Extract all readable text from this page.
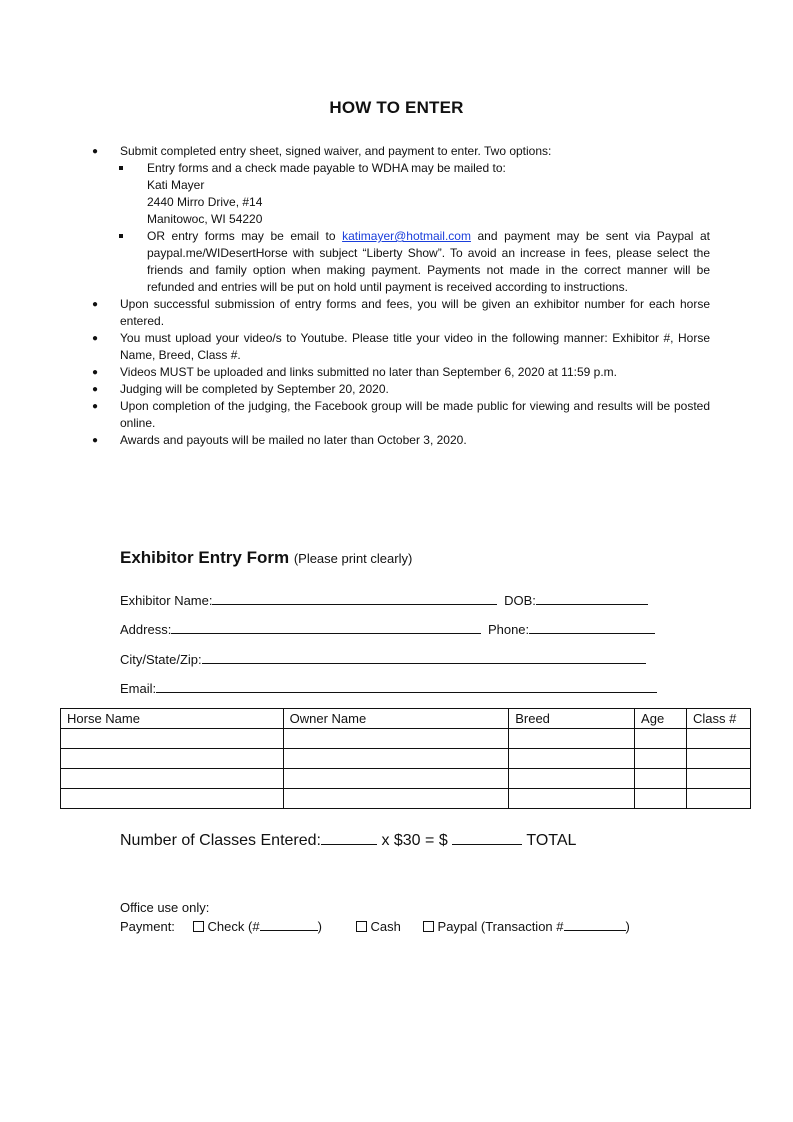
HOW TO ENTER
● Submit completed entry sheet, signed waiver, and payment to enter. Two options:
Entry forms and a check made payable to WDHA may be mailed to:
Kati Mayer
2440 Mirro Drive, #14
Manitowoc, WI 54220
OR entry forms may be email to katimayer@hotmail.com and payment may be sent via Paypal at paypal.me/WIDesertHorse with subject “Liberty Show”. To avoid an increase in fees, please select the friends and family option when making payment. Payments not made in the correct manner will be refunded and entries will be put on hold until payment is received according to instructions.
● Upon successful submission of entry forms and fees, you will be given an exhibitor number for each horse entered.
● You must upload your video/s to Youtube. Please title your video in the following manner: Exhibitor #, Horse Name, Breed, Class #.
● Videos MUST be uploaded and links submitted no later than September 6, 2020 at 11:59 p.m.
● Judging will be completed by September 20, 2020.
● Upon completion of the judging, the Facebook group will be made public for viewing and results will be posted online.
● Awards and payouts will be mailed no later than October 3, 2020.
Exhibitor Entry Form (Please print clearly)
Exhibitor Name:	DOB:
Address:	Phone:
City/State/Zip:
Email:
Horse Name	Owner Name	Breed	Age	Class #

Number of Classes Entered:	x $30 = $	TOTAL
Office use only:
Payment:	Check (#	)	Cash	Paypal (Transaction #	)
